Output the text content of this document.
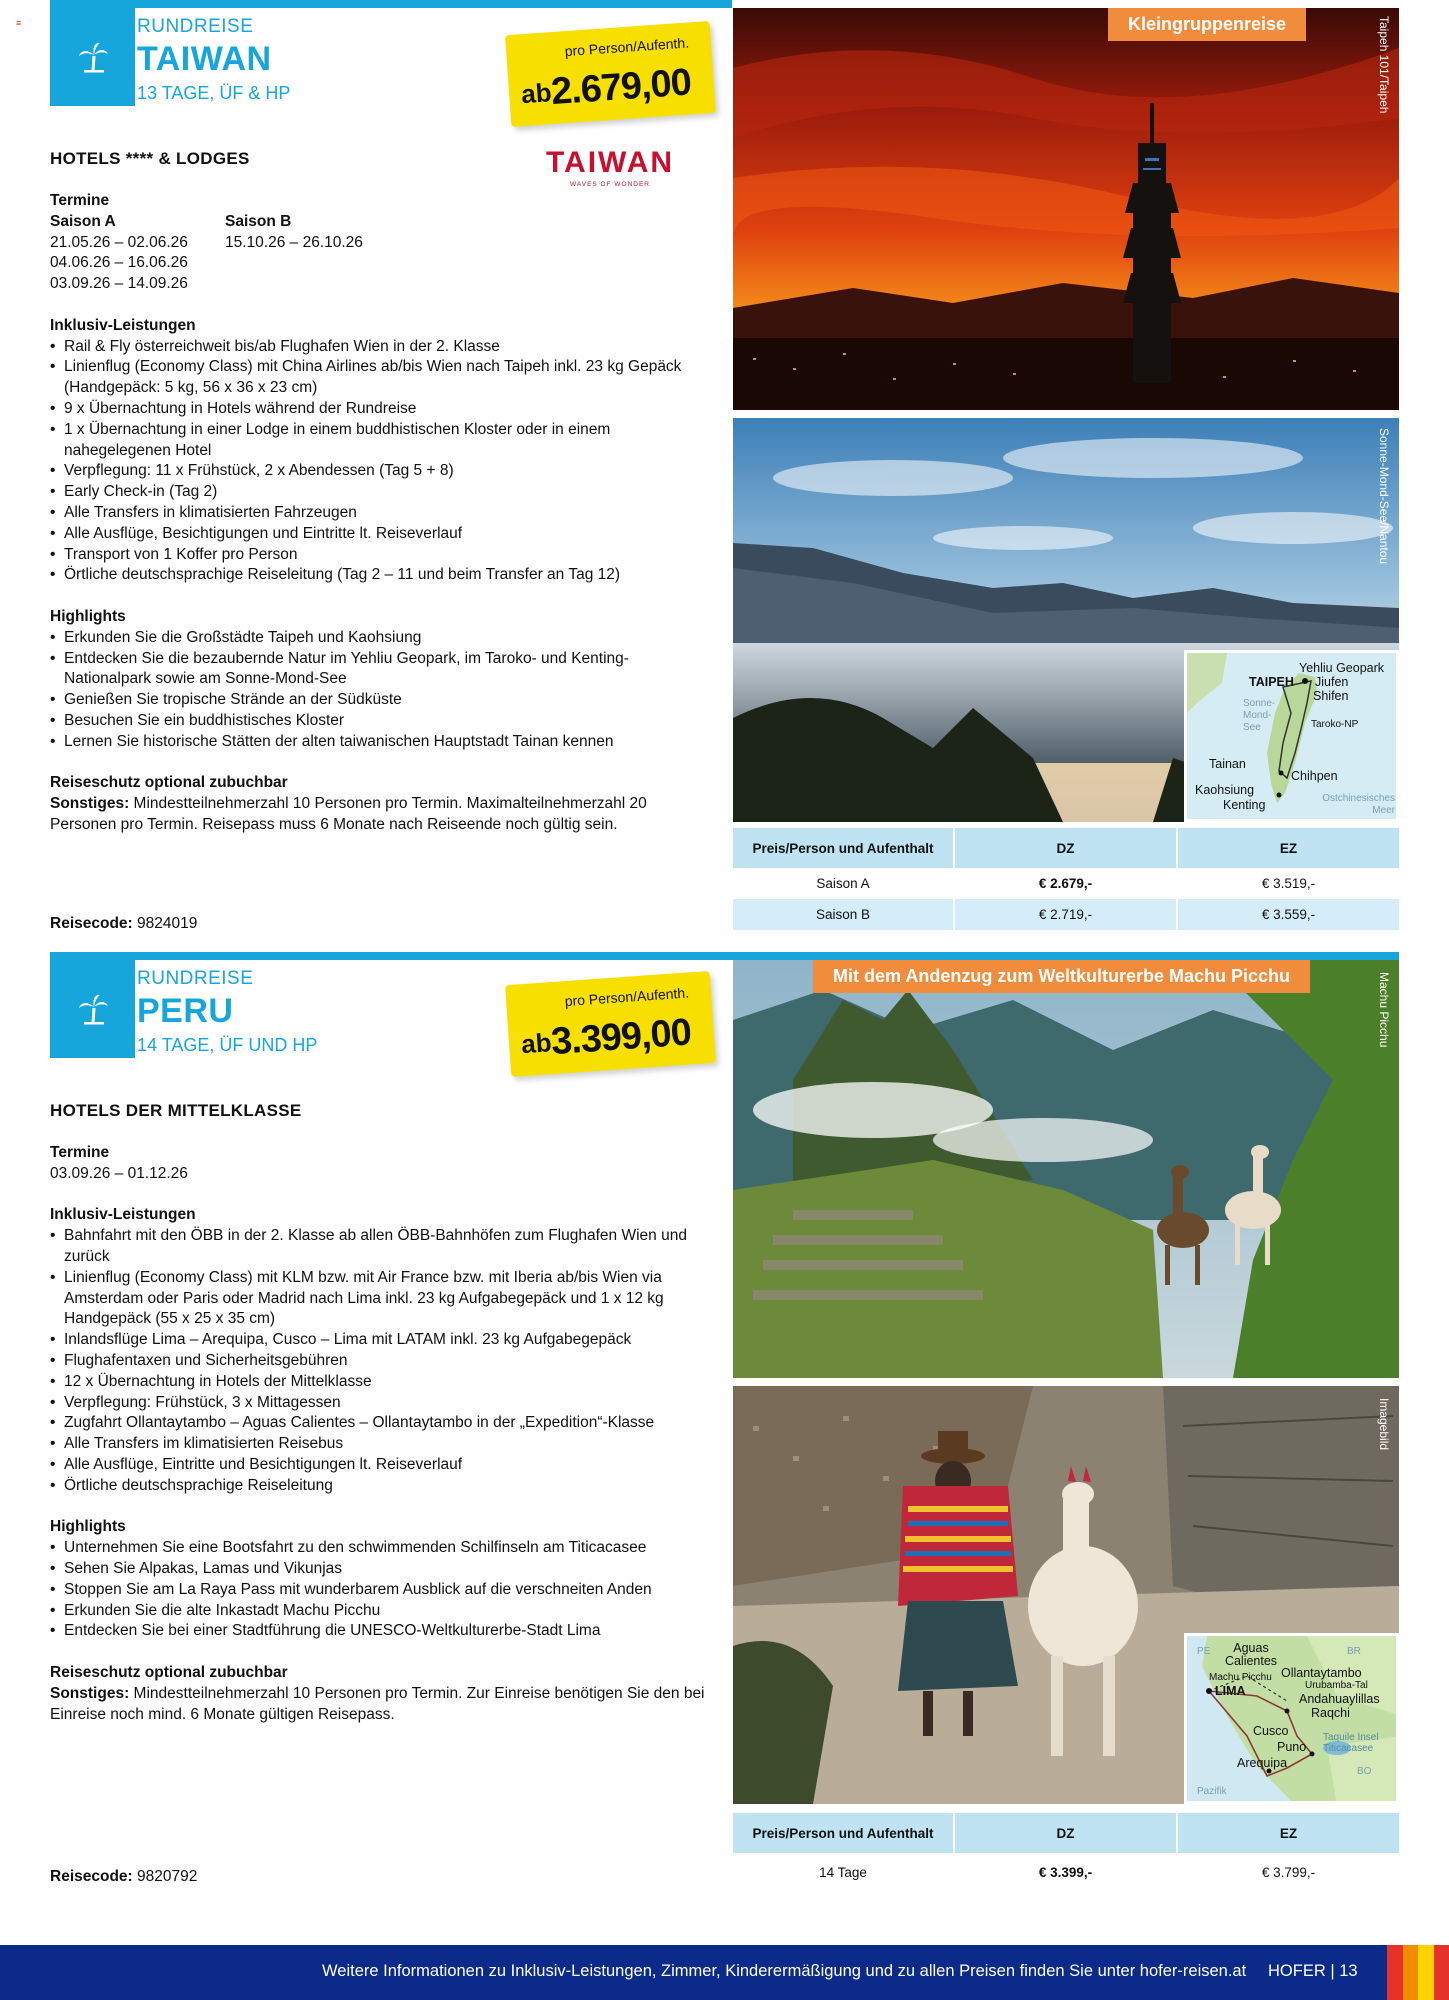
≡	RUNDREISE
TAIWAN
13 TAGE, ÜF & HP
pro Person/Aufenth.
ab
2.679,00
HOTELS **** & LODGES	TAIWAN
WAVES OF WONDER
Termine
Saison A
21.05.26 – 02.06.26
04.06.26 – 16.06.26
03.09.26 – 14.09.26
Saison B
15.10.26 – 26.10.26
Inklusiv-Leistungen
• Rail & Fly österreichweit bis/ab Flughafen Wien in der 2. Klasse
• Linienflug (Economy Class) mit China Airlines ab/bis Wien nach Taipeh inkl. 23 kg Gepäck (Handgepäck: 5 kg, 56 x 36 x 23 cm)
• 9 x Übernachtung in Hotels während der Rundreise
• 1 x Übernachtung in einer Lodge in einem buddhistischen Kloster oder in einem nahegelegenen Hotel
• Verpflegung: 11 x Frühstück, 2 x Abendessen (Tag 5 + 8)
• Early Check-in (Tag 2)
• Alle Transfers in klimatisierten Fahrzeugen
• Alle Ausflüge, Besichtigungen und Eintritte lt. Reiseverlauf
• Transport von 1 Koffer pro Person
• Örtliche deutschsprachige Reiseleitung (Tag 2 – 11 und beim Transfer an Tag 12)
Highlights
• Erkunden Sie die Großstädte Taipeh und Kaohsiung
• Entdecken Sie die bezaubernde Natur im Yehliu Geopark, im Taroko- und Kenting-Nationalpark sowie am Sonne-Mond-See
• Genießen Sie tropische Strände an der Südküste
• Besuchen Sie ein buddhistisches Kloster
• Lernen Sie historische Stätten der alten taiwanischen Hauptstadt Tainan kennen
Reiseschutz optional zubuchbar
Sonstiges: Mindestteilnehmerzahl 10 Personen pro Termin. Maximalteilnehmerzahl 20 Personen pro Termin. Reisepass muss 6 Monate nach Reiseende noch gültig sein.
Reisecode: 9824019
Kleingruppenreise	Taipeh 101/Taipeh
Sonne-Mond-See/Nantou
Yehliu Geopark
TAIPEH Jiufen
Shifen
Sonne-Mond-See	Taroko-NP
Tainan
Chihpen
Kaohsiung
Kenting	Ostchinesisches Meer
Preis/Person und Aufenthalt	DZ	EZ
Saison A	€ 2.679,-	€ 3.519,-
Saison B	€ 2.719,-	€ 3.559,-
RUNDREISE
PERU
14 TAGE, ÜF UND HP
pro Person/Aufenth.
ab
3.399,00
HOTELS DER MITTELKLASSE
Termine
03.09.26 – 01.12.26
Inklusiv-Leistungen
• Bahnfahrt mit den ÖBB in der 2. Klasse ab allen ÖBB-Bahnhöfen zum Flughafen Wien und zurück
• Linienflug (Economy Class) mit KLM bzw. mit Air France bzw. mit Iberia ab/bis Wien via Amsterdam oder Paris oder Madrid nach Lima inkl. 23 kg Aufgabegepäck und 1 x 12 kg Handgepäck (55 x 25 x 35 cm)
• Inlandsflüge Lima – Arequipa, Cusco – Lima mit LATAM inkl. 23 kg Aufgabegepäck
• Flughafentaxen und Sicherheitsgebühren
• 12 x Übernachtung in Hotels der Mittelklasse
• Verpflegung: Frühstück, 3 x Mittagessen
• Zugfahrt Ollantaytambo – Aguas Calientes – Ollantaytambo in der „Expedition“-Klasse
• Alle Transfers im klimatisierten Reisebus
• Alle Ausflüge, Eintritte und Besichtigungen lt. Reiseverlauf
• Örtliche deutschsprachige Reiseleitung
Highlights
• Unternehmen Sie eine Bootsfahrt zu den schwimmenden Schilfinseln am Titicacasee
• Sehen Sie Alpakas, Lamas und Vikunjas
• Stoppen Sie am La Raya Pass mit wunderbarem Ausblick auf die verschneiten Anden
• Erkunden Sie die alte Inkastadt Machu Picchu
• Entdecken Sie bei einer Stadtführung die UNESCO-Weltkulturerbe-Stadt Lima
Reiseschutz optional zubuchbar
Sonstiges: Mindestteilnehmerzahl 10 Personen pro Termin. Zur Einreise benötigen Sie den bei Einreise noch mind. 6 Monate gültigen Reisepass.
Reisecode: 9820792
Mit dem Andenzug zum Weltkulturerbe Machu Picchu	Machu Picchu
Imagebild
Aguas Calientes
Machu Picchu Ollantaytambo
LIMA	Urubamba-Tal
Andahuaylillas
Raqchi
Cusco
Puno
Taquile Insel Titicacasee
Arequipa
Pazifik
PE	BR
BO
Preis/Person und Aufenthalt	DZ	EZ
14 Tage	€ 3.399,-	€ 3.799,-
Weitere Informationen zu Inklusiv-Leistungen, Zimmer, Kinderermäßigung und zu allen Preisen finden Sie unter hofer-reisen.at HOFER | 13
